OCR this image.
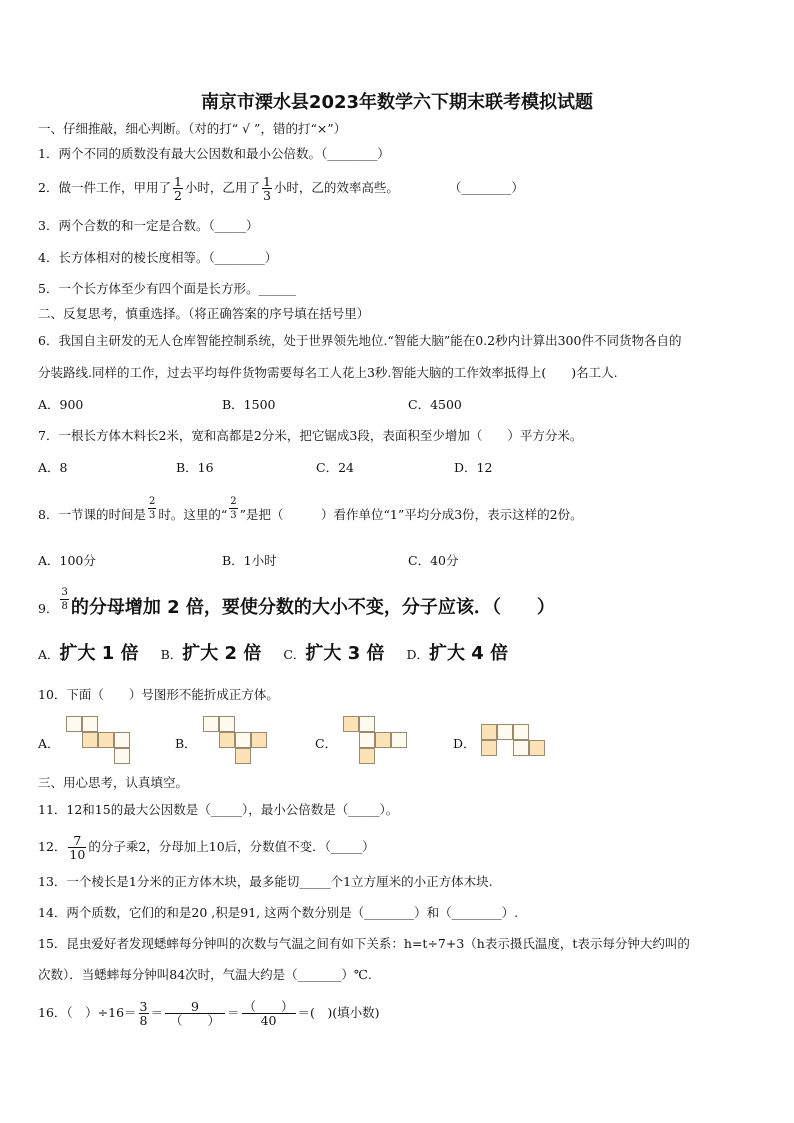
南京市溧水县2023年数学六下期末联考模拟试题
一、仔细推敲，细心判断。（对的打“ √ ”，错的打“×”）
1．两个不同的质数没有最大公因数和最小公倍数。（________）
2．做一件工作，甲用了 $\frac{1}{2}$ 小时，乙用了 $\frac{1}{3}$ 小时，乙的效率高些。	（________）
3．两个合数的和一定是合数。（_____）
4．长方体相对的棱长度相等。（________）
5．一个长方体至少有四个面是长方形。______
二、反复思考，慎重选择。（将正确答案的序号填在括号里）
6．我国自主研发的无人仓库智能控制系统，处于世界领先地位.“智能大脑”能在0.2秒内计算出300件不同货物各自的
分装路线.同样的工作，过去平均每件货物需要每名工人花上3秒.智能大脑的工作效率抵得上(　　)名工人.
A．900	B．1500	C．4500
7．一根长方体木料长2米，宽和高都是2分米，把它锯成3段，表面积至少增加（　　）平方分米。
A．8	B．16	C．24	D．12
8．一节课的时间是 $\frac{2}{3}$ 时。这里的“ $\frac{2}{3}$ ”是把（　　　）看作单位“1”平均分成3份，表示这样的2份。
A．100分	B．1小时	C．40分
9． $\frac{3}{8}$ 的分母增加 2 倍，要使分数的大小不变，分子应该．（　　）
A．扩大 1 倍 B．扩大 2 倍 C．扩大 3 倍 D．扩大 4 倍
10．下面（　　）号图形不能折成正方体。
A．	B．	C．	D．
三、用心思考，认真填空。
11．12和15的最大公因数是（_____），最小公倍数是（_____）。
12． $\frac{7}{10}$ 的分子乘2，分母加上10后，分数值不变．（_____）
13．一个棱长是1分米的正方体木块，最多能切_____个1立方厘米的小正方体木块.
14．两个质数，它们的和是20 ,积是91, 这两个数分别是（________）和（________）.
15．昆虫爱好者发现蟋蟀每分钟叫的次数与气温之间有如下关系：h=t÷7+3（h表示摄氏温度，t表示每分钟大约叫的
次数）．当蟋蟀每分钟叫84次时，气温大约是（_______）℃.
16．（　）$\div 16= \frac{3}{8} = \frac{9}{( )} = \frac{( )}{40}$ ＝(　)(填小数)
